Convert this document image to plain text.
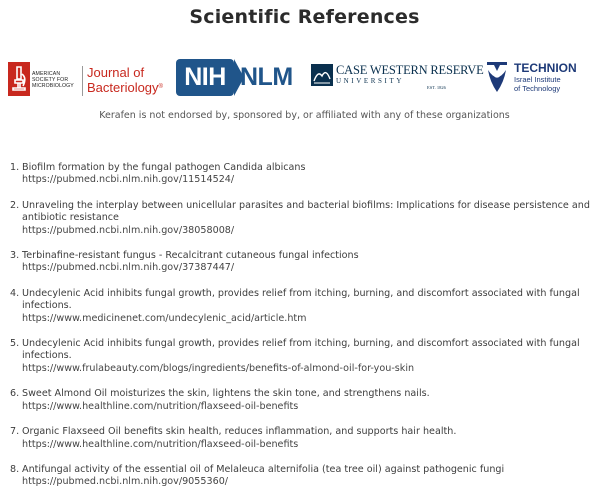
Scientific References
AMERICAN
SOCIETY FOR
MICROBIOLOGY
Journal of
Bacteriology® NIH NLM	CASE WESTERN RESERVE
UNIVERSITY
EST. 1826
TECHNION
Israel Institute
of Technology
Kerafen is not endorsed by, sponsored by, or affiliated with any of these organizations
1. Biofilm formation by the fungal pathogen Candida albicans
https://pubmed.ncbi.nlm.nih.gov/11514524/
2. Unraveling the interplay between unicellular parasites and bacterial biofilms: Implications for disease persistence and antibiotic resistance
https://pubmed.ncbi.nlm.nih.gov/38058008/
3. Terbinafine-resistant fungus - Recalcitrant cutaneous fungal infections
https://pubmed.ncbi.nlm.nih.gov/37387447/
4. Undecylenic Acid inhibits fungal growth, provides relief from itching, burning, and discomfort associated with fungal infections.
https://www.medicinenet.com/undecylenic_acid/article.htm
5. Undecylenic Acid inhibits fungal growth, provides relief from itching, burning, and discomfort associated with fungal infections.
https://www.frulabeauty.com/blogs/ingredients/benefits-of-almond-oil-for-you-skin
6. Sweet Almond Oil moisturizes the skin, lightens the skin tone, and strengthens nails.
https://www.healthline.com/nutrition/flaxseed-oil-benefits
7. Organic Flaxseed Oil benefits skin health, reduces inflammation, and supports hair health.
https://www.healthline.com/nutrition/flaxseed-oil-benefits
8. Antifungal activity of the essential oil of Melaleuca alternifolia (tea tree oil) against pathogenic fungi
https://pubmed.ncbi.nlm.nih.gov/9055360/
